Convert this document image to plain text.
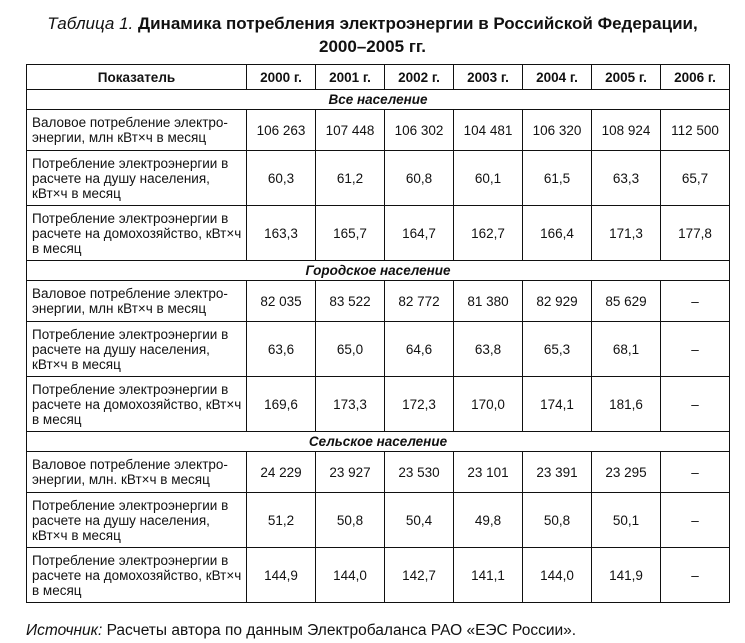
Таблица 1. Динамика потребления электроэнергии в Российской Федерации,
2000–2005 гг.
Показатель	2000 г.	2001 г.	2002 г.	2003 г.	2004 г.	2005 г.	2006 г.
Все население							
Валовое потребление электро-энергии, млн кВт×ч в месяц	106 263	107 448	106 302	104 481	106 320	108 924	112 500
Потребление электроэнергии в расчете на душу населения, кВт×ч в месяц	60,3	61,2	60,8	60,1	61,5	63,3	65,7
Потребление электроэнергии в расчете на домохозяйство, кВт×ч в месяц	163,3	165,7	164,7	162,7	166,4	171,3	177,8
Городское население							
Валовое потребление электро-энергии, млн кВт×ч в месяц	82 035	83 522	82 772	81 380	82 929	85 629	–
Потребление электроэнергии в расчете на душу населения, кВт×ч в месяц	63,6	65,0	64,6	63,8	65,3	68,1	–
Потребление электроэнергии в расчете на домохозяйство, кВт×ч в месяц	169,6	173,3	172,3	170,0	174,1	181,6	–
Сельское население							
Валовое потребление электро-энергии, млн. кВт×ч в месяц	24 229	23 927	23 530	23 101	23 391	23 295	–
Потребление электроэнергии в расчете на душу населения, кВт×ч в месяц	51,2	50,8	50,4	49,8	50,8	50,1	–
Потребление электроэнергии в расчете на домохозяйство, кВт×ч в месяц	144,9	144,0	142,7	141,1	144,0	141,9	–
Источник: Расчеты автора по данным Электробаланса РАО «ЕЭС России».
